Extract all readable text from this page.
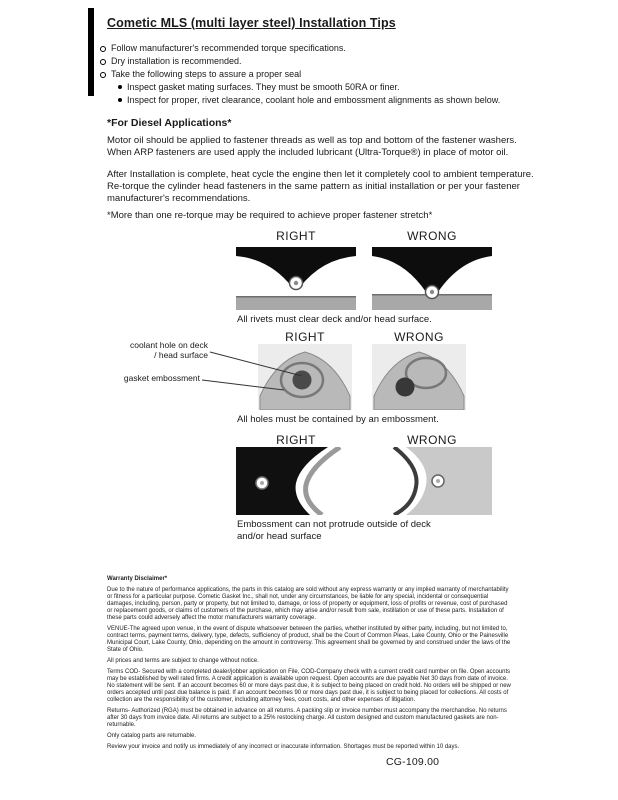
Cometic MLS (multi layer steel) Installation Tips
Follow manufacturer's recommended torque specifications.
Dry installation is recommended.
Take the following steps to assure a proper seal
Inspect gasket mating surfaces. They must be smooth 50RA or finer.
Inspect for proper, rivet clearance, coolant hole and embossment alignments as shown below.
*For Diesel Applications*
Motor oil should be applied to fastener threads as well as top and bottom of the fastener washers. When ARP fasteners are used apply the included lubricant (Ultra-Torque®) in place of motor oil.
After Installation is complete, heat cycle the engine then let it completely cool to ambient temperature. Re-torque the cylinder head fasteners in the same pattern as initial installation or per your fastener manufacturer's recommendations.
*More than one re-torque may be required to achieve proper fastener stretch*
RIGHT	WRONG
All rivets must clear deck and/or head surface.
RIGHT	WRONG
coolant hole on deck / head surface
gasket embossment
All holes must be contained by an embossment.
RIGHT	WRONG
Embossment can not protrude outside of deck and/or head surface
Warranty Disclaimer*

Due to the nature of performance applications, the parts in this catalog are sold without any express warranty or any implied warranty of merchantability or fitness for a particular purpose. Cometic Gasket Inc., shall not, under any circumstances, be liable for any special, incidental or consequential damages, including, person, party or property, but not limited to, damage, or loss of property or equipment, loss of profits or revenue, cost of purchased or replacement goods, or claims of customers of the purchase, which may arise and/or result from sale, instillation or use of these parts. Installation of these parts could adversely affect the motor manufacturers warranty coverage.

VENUE-The agreed upon venue, in the event of dispute whatsoever between the parties, whether instituted by either party, including, but not limited to, contract terms, payment terms, delivery, type, defects, sufficiency of product, shall be the Court of Common Pleas, Lake County, Ohio or the Painesville Municipal Court, Lake County, Ohio, depending on the amount in controversy. This agreement shall be governed by and construed under the laws of the State of Ohio.

All prices and terms are subject to change without notice.

Terms COD- Secured with a completed dealer/jobber application on File, COD-Company check with a current credit card number on file. Open accounts may be established by well rated firms. A credit application is available upon request. Open accounts are due payable Net 30 days from date of invoice. No statement will be sent. If an account becomes 60 or more days past due, it is subject to being placed on credit hold. No orders will be shipped or new orders accepted until past due balance is paid. If an account becomes 90 or more days past due, it is subject to being placed for collections. All costs of collection are the responsibility of the customer, including attorney fees, court costs, and other expenses of litigation.

Returns- Authorized (RGA) must be obtained in advance on all returns. A packing slip or invoice number must accompany the merchandise. No returns after 30 days from invoice date. All returns are subject to a 25% restocking charge. All custom designed and custom manufactured gaskets are non-returnable.

Only catalog parts are returnable.

Review your invoice and notify us immediately of any incorrect or inaccurate information. Shortages must be reported within 10 days.

CG-109.00
